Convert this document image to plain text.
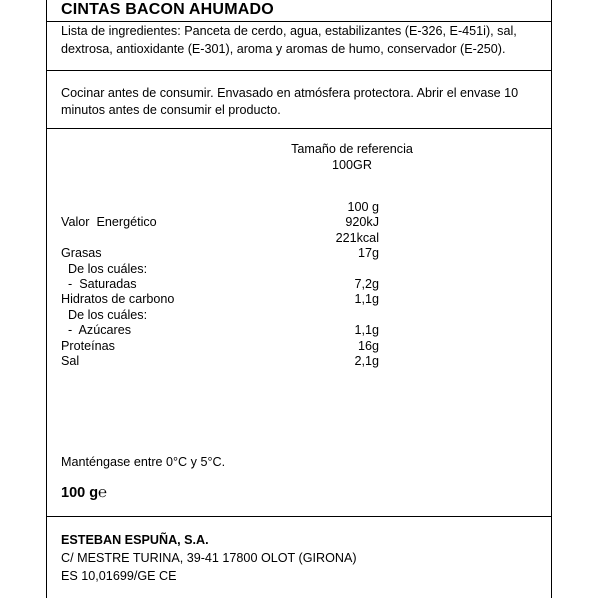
CINTAS BACON AHUMADO

Lista de ingredientes: Panceta de cerdo, agua, estabilizantes (E-326, E-451i), sal,

dextrosa, antioxidante (E-301), aroma y aromas de humo, conservador (E-250).

Cocinar antes de consumir. Envasado en atmósfera protectora. Abrir el envase 10

minutos antes de consumir el producto.

Tamaño de referencia
100GR
100 g
Valor  Energético	920kJ
221kcal
Grasas	17g
De los cuáles:
-  Saturadas	7,2g
Hidratos de carbono	1,1g
De los cuáles:
-  Azúcares	1,1g
Proteínas	16g
Sal	2,1g

Manténgase entre 0°C y 5°C.

100 g℮
ESTEBAN ESPUÑA, S.A.
C/ MESTRE TURINA, 39-41 17800 OLOT (GIRONA)
ES 10,01699/GE CE
